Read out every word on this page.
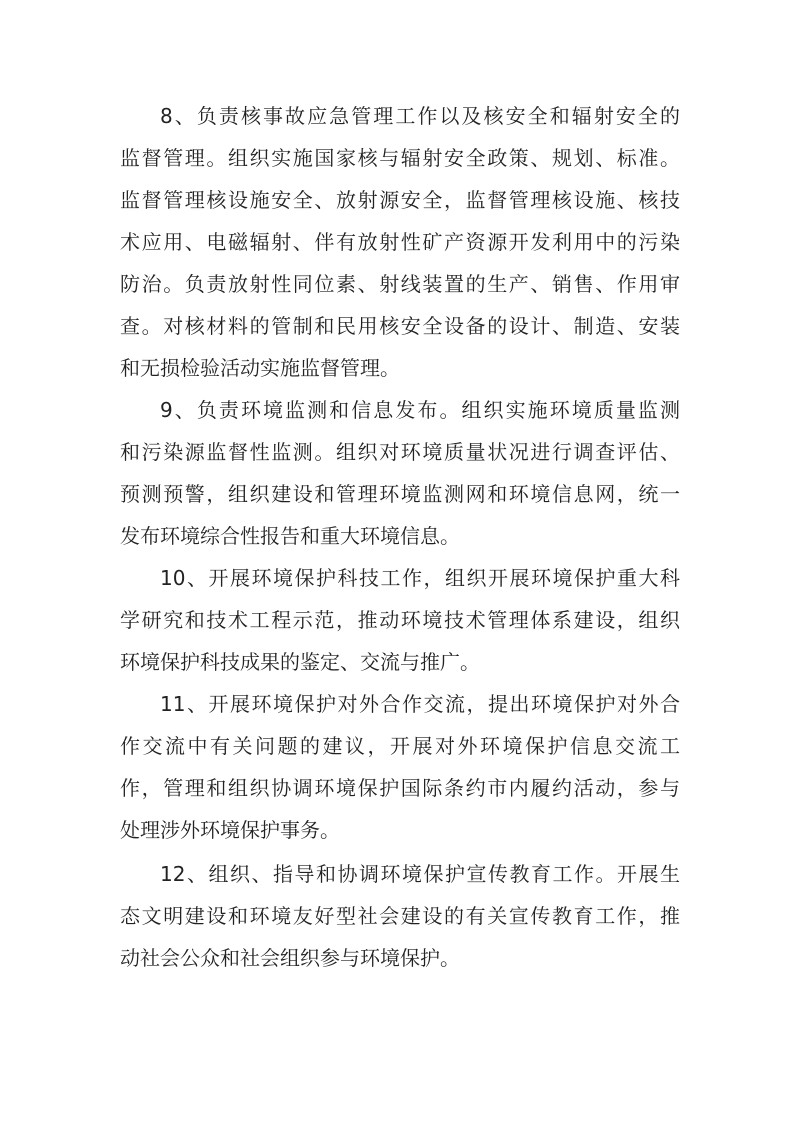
8、负责核事故应急管理工作以及核安全和辐射安全的
监督管理。组织实施国家核与辐射安全政策、规划、标准。
监督管理核设施安全、放射源安全，监督管理核设施、核技
术应用、电磁辐射、伴有放射性矿产资源开发利用中的污染
防治。负责放射性同位素、射线装置的生产、销售、作用审
查。对核材料的管制和民用核安全设备的设计、制造、安装
和无损检验活动实施监督管理。
9、负责环境监测和信息发布。组织实施环境质量监测
和污染源监督性监测。组织对环境质量状况进行调查评估、
预测预警，组织建设和管理环境监测网和环境信息网，统一
发布环境综合性报告和重大环境信息。
10、开展环境保护科技工作，组织开展环境保护重大科
学研究和技术工程示范，推动环境技术管理体系建设，组织
环境保护科技成果的鉴定、交流与推广。
11、开展环境保护对外合作交流，提出环境保护对外合
作交流中有关问题的建议，开展对外环境保护信息交流工
作，管理和组织协调环境保护国际条约市内履约活动，参与
处理涉外环境保护事务。
12、组织、指导和协调环境保护宣传教育工作。开展生
态文明建设和环境友好型社会建设的有关宣传教育工作，推
动社会公众和社会组织参与环境保护。
